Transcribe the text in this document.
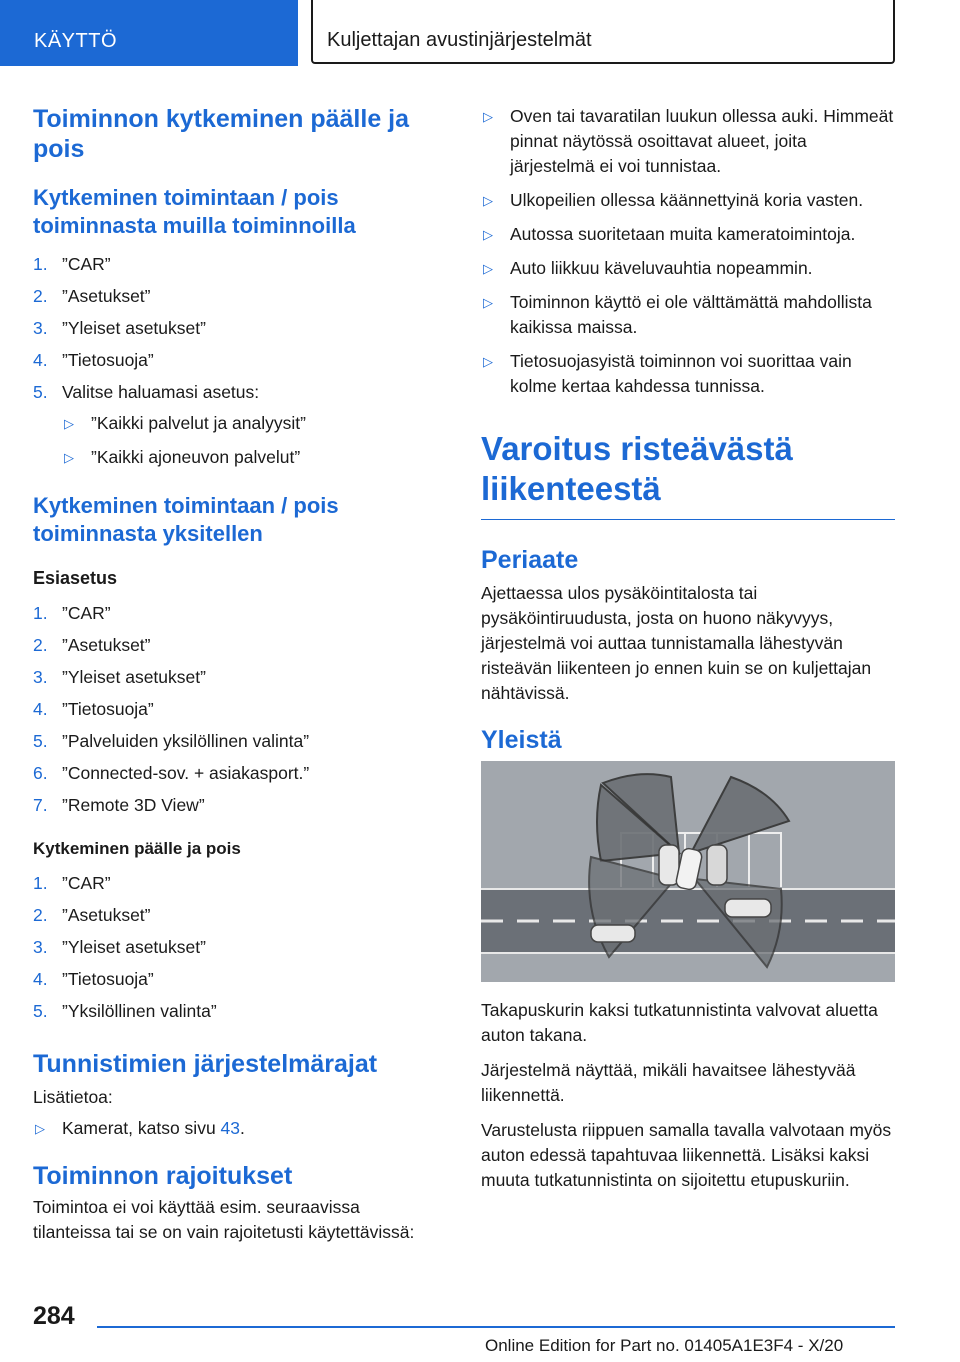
KÄYTTÖ	Kuljettajan avustinjärjestelmät
Toiminnon kytkeminen päälle ja pois
Kytkeminen toimintaan / pois toiminnasta muilla toiminnoilla
1. ”CAR”
2. ”Asetukset”
3. ”Yleiset asetukset”
4. ”Tietosuoja”
5. Valitse haluamasi asetus:
▷ ”Kaikki palvelut ja analyysit”
▷ ”Kaikki ajoneuvon palvelut”
Kytkeminen toimintaan / pois toiminnasta yksitellen
Esiasetus
1. ”CAR”
2. ”Asetukset”
3. ”Yleiset asetukset”
4. ”Tietosuoja”
5. ”Palveluiden yksilöllinen valinta”
6. ”Connected-sov. + asiakasport.”
7. ”Remote 3D View”
Kytkeminen päälle ja pois
1. ”CAR”
2. ”Asetukset”
3. ”Yleiset asetukset”
4. ”Tietosuoja”
5. ”Yksilöllinen valinta”
Tunnistimien järjestelmärajat

Lisätietoa:

▷ Kamerat, katso sivu 43.
Toiminnon rajoitukset

Toimintoa ei voi käyttää esim. seuraavissa tilanteissa tai se on vain rajoitetusti käytettävissä:

▷ Oven tai tavaratilan luukun ollessa auki. Himmeät pinnat näytössä osoittavat alueet, joita järjestelmä ei voi tunnistaa.
▷ Ulkopeilien ollessa käännettyinä koria vasten.
▷ Autossa suoritetaan muita kameratoimintoja.
▷ Auto liikkuu käveluvauhtia nopeammin.
▷ Toiminnon käyttö ei ole välttämättä mahdollista kaikissa maissa.
▷ Tietosuojasyistä toiminnon voi suorittaa vain kolme kertaa kahdessa tunnissa.
Varoitus risteävästä liikenteestä
Periaate

Ajettaessa ulos pysäköintitalosta tai pysäköintiruudusta, josta on huono näkyvyys, järjestelmä voi auttaa tunnistamalla lähestyvän risteävän liikenteen jo ennen kuin se on kuljettajan nähtävissä.

Yleistä

Takapuskurin kaksi tutkatunnistinta valvovat aluetta auton takana.

Järjestelmä näyttää, mikäli havaitsee lähestyvää liikennettä.

Varustelusta riippuen samalla tavalla valvotaan myös auton edessä tapahtuvaa liikennettä. Lisäksi kaksi muuta tutkatunnistinta on sijoitettu etupuskuriin.

284
Online Edition for Part no. 01405A1E3F4 - X/20
